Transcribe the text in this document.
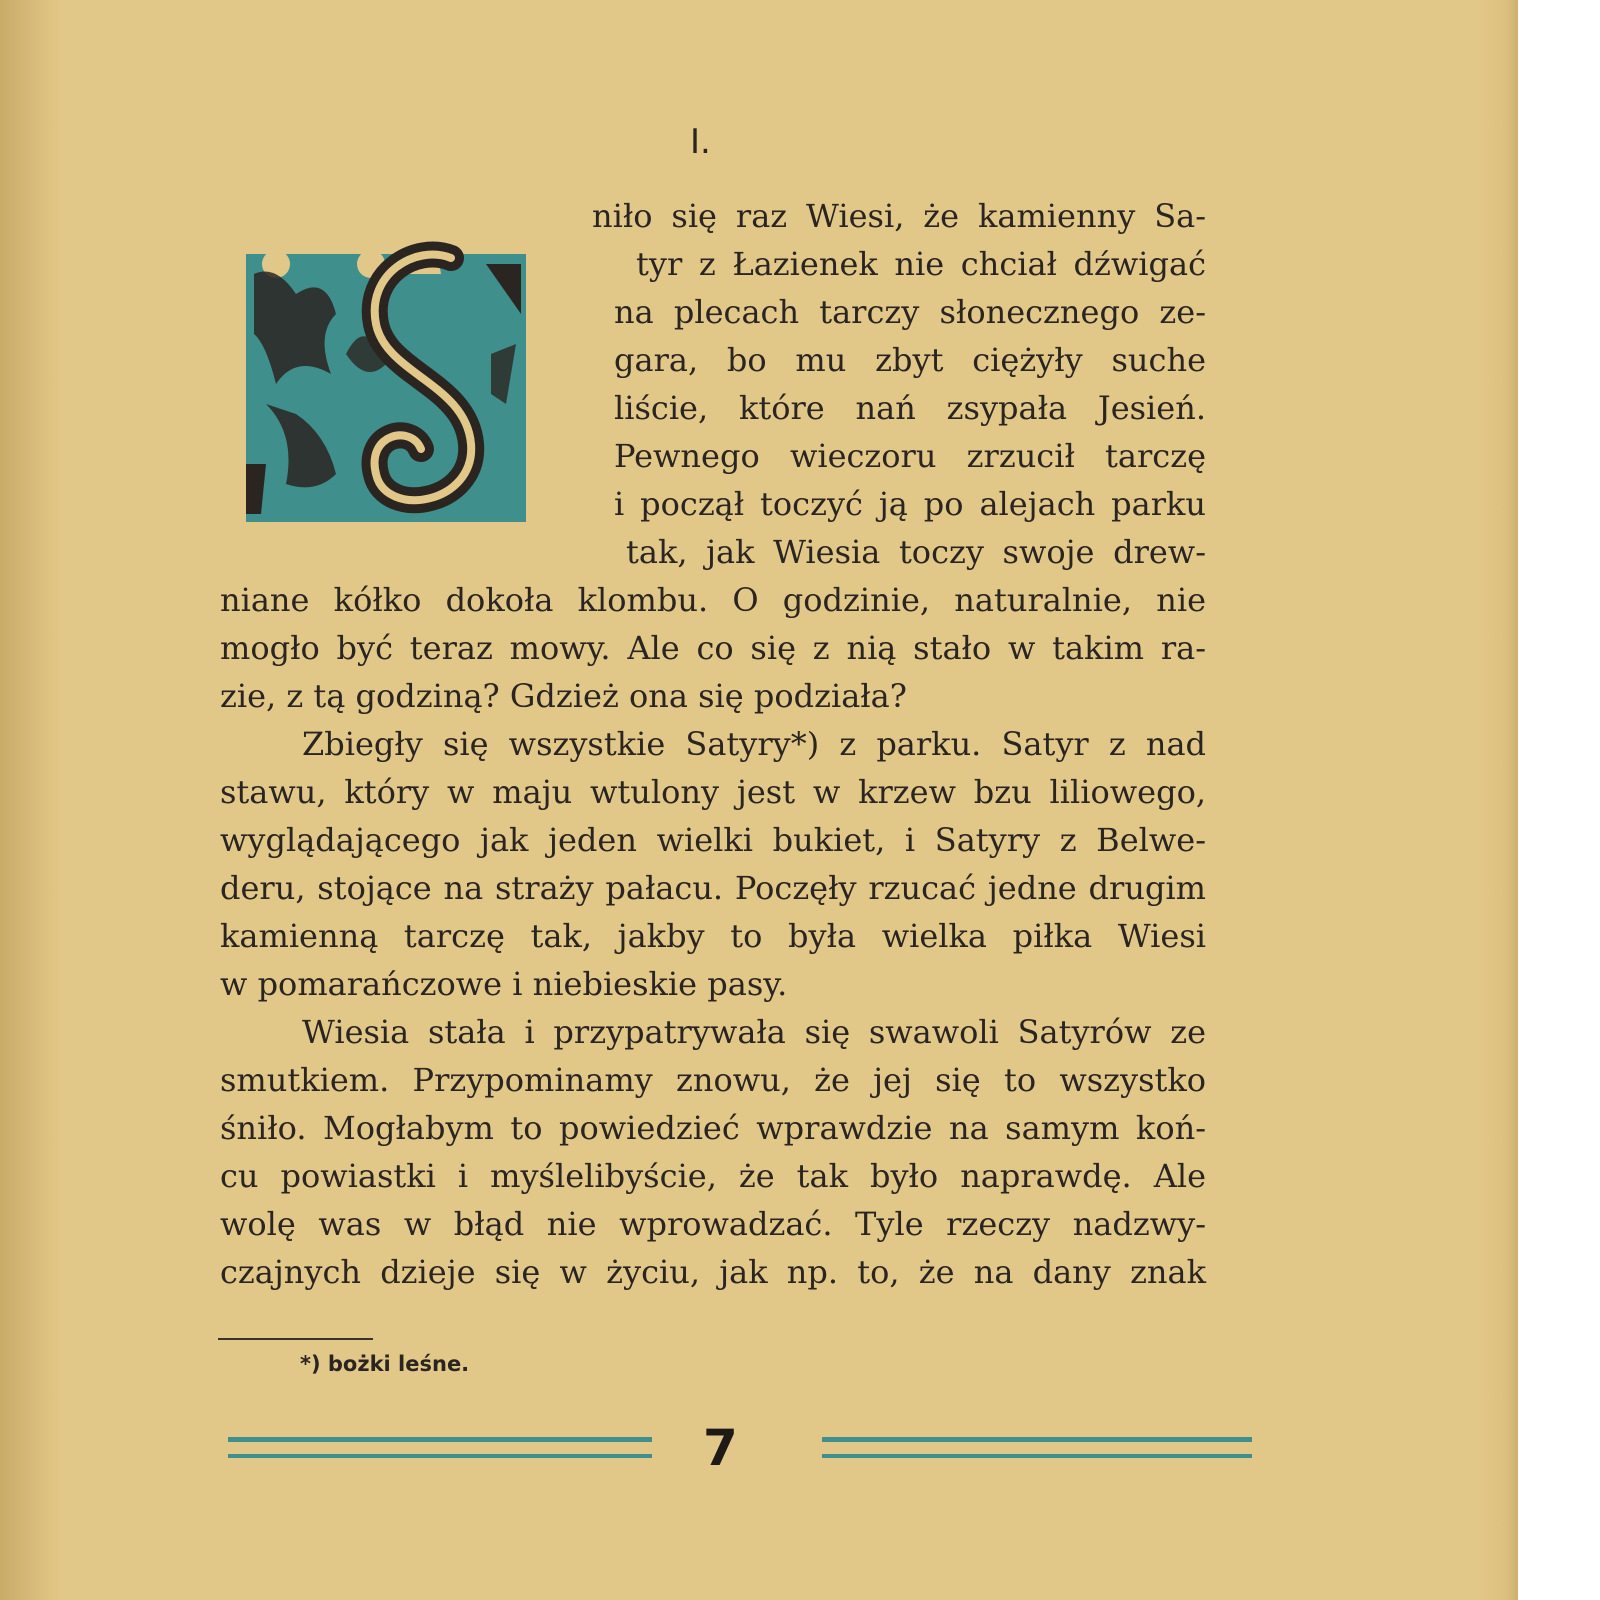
I.
niło się raz Wiesi, że kamienny Sa-
tyr z Łazienek nie chciał dźwigać
na plecach tarczy słonecznego ze-
gara, bo mu zbyt ciężyły suche
liście, które nań zsypała Jesień.
Pewnego wieczoru zrzucił tarczę
i począł toczyć ją po alejach parku
tak, jak Wiesia toczy swoje drew-
niane kółko dokoła klombu. O godzinie, naturalnie, nie
mogło być teraz mowy. Ale co się z nią stało w takim ra-
zie, z tą godziną? Gdzież ona się podziała?
Zbiegły się wszystkie Satyry*) z parku. Satyr z nad
stawu, który w maju wtulony jest w krzew bzu liliowego,
wyglądającego jak jeden wielki bukiet, i Satyry z Belwe-
deru, stojące na straży pałacu. Poczęły rzucać jedne drugim
kamienną tarczę tak, jakby to była wielka piłka Wiesi
w pomarańczowe i niebieskie pasy.
Wiesia stała i przypatrywała się swawoli Satyrów ze
smutkiem. Przypominamy znowu, że jej się to wszystko
śniło. Mogłabym to powiedzieć wprawdzie na samym koń-
cu powiastki i myślelibyście, że tak było naprawdę. Ale
wolę was w błąd nie wprowadzać. Tyle rzeczy nadzwy-
czajnych dzieje się w życiu, jak np. to, że na dany znak
*) bożki leśne.
7
